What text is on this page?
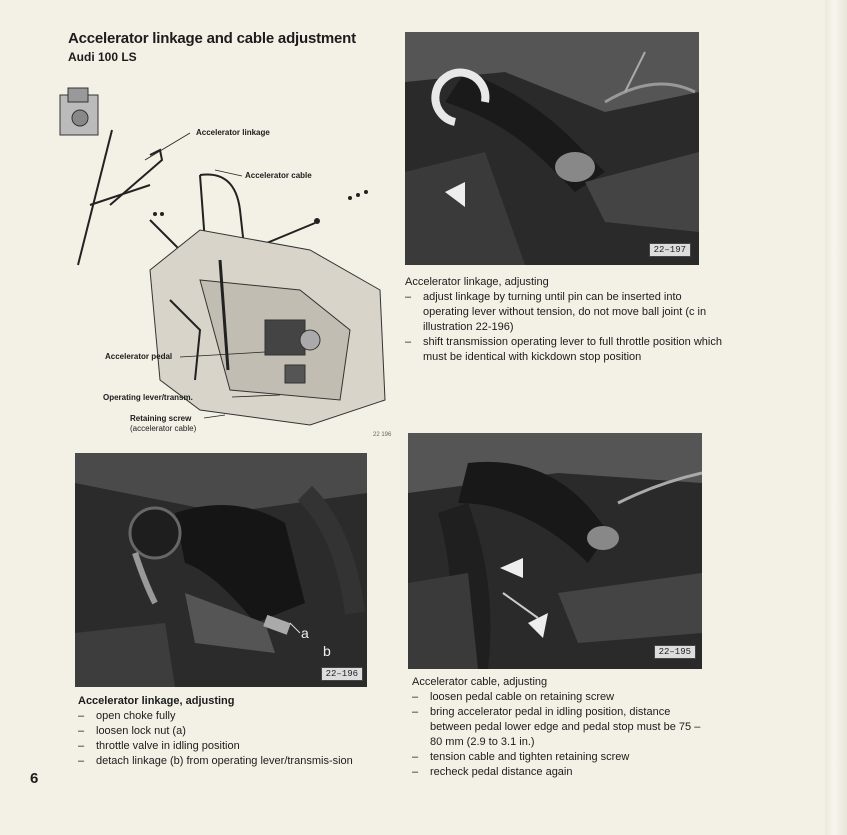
Accelerator linkage and cable adjustment
Audi 100 LS
Accelerator linkage
Accelerator cable
Accelerator pedal
Operating lever/transm.
Retaining screw
(accelerator cable)
22 196
22–197
Accelerator linkage, adjusting
– adjust linkage by turning until pin can be inserted into operating lever without tension, do not move ball joint (c in illustration 22-196)
– shift transmission operating lever to full throttle position which must be identical with kickdown stop position
a
b
22–196
Accelerator linkage, adjusting
– open choke fully
– loosen lock nut (a)
– throttle valve in idling position
– detach linkage (b) from operating lever/transmis-sion
22–195
Accelerator cable, adjusting
– loosen pedal cable on retaining screw
– bring accelerator pedal in idling position, distance between pedal lower edge and pedal stop must be 75 – 80 mm (2.9 to 3.1 in.)
– tension cable and tighten retaining screw
– recheck pedal distance again
6
